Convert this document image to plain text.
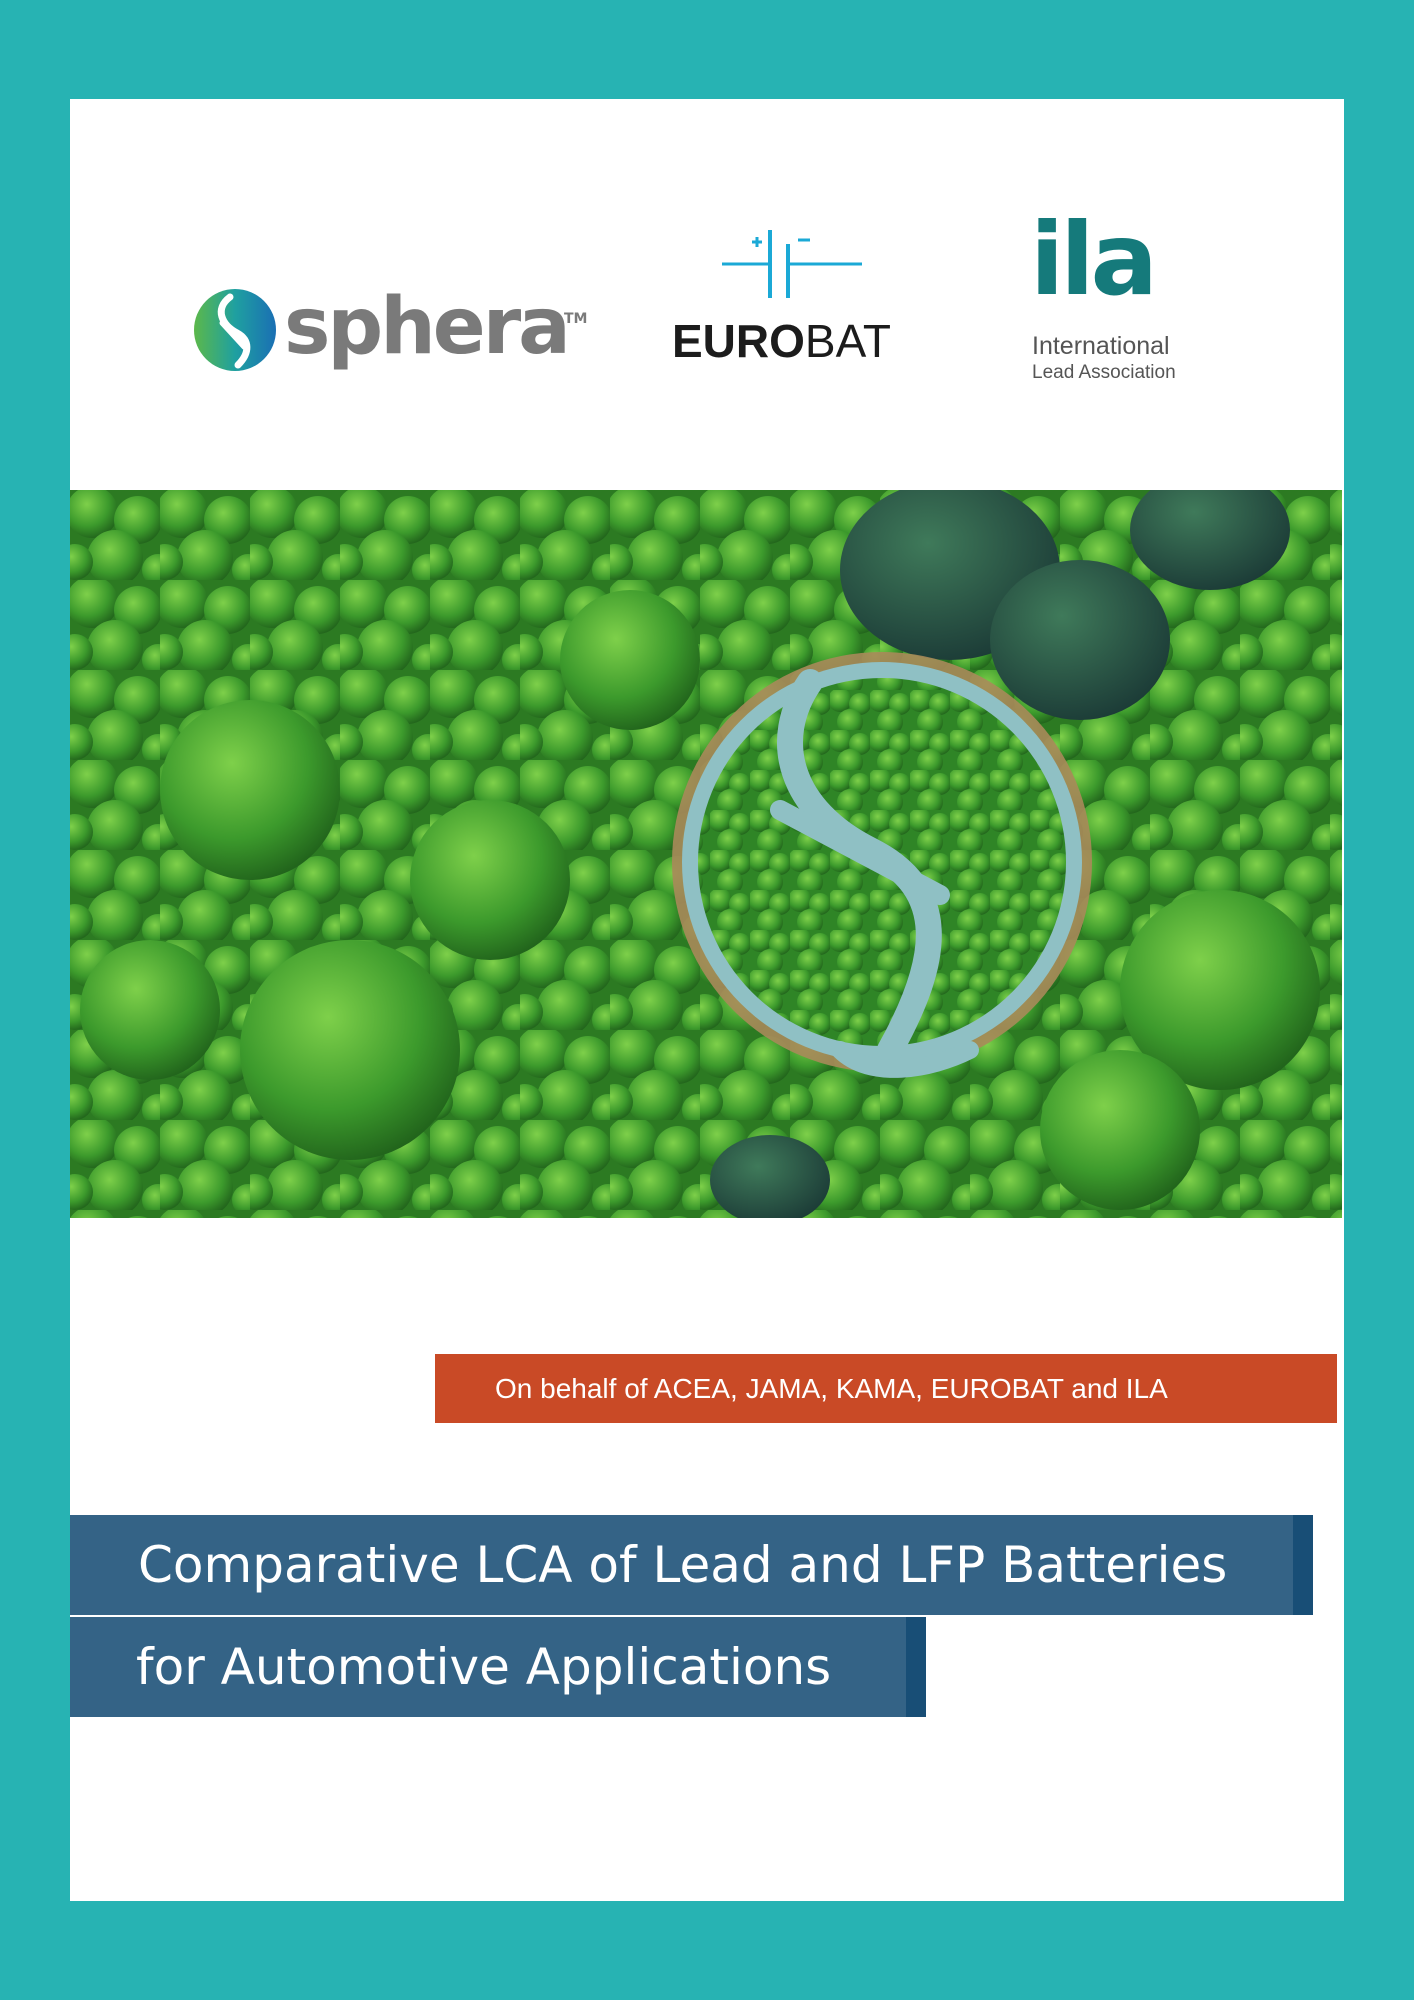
sphera
TM EUROBAT
ila
International
Lead Association
On behalf of ACEA, JAMA, KAMA, EUROBAT and ILA
Comparative LCA of Lead and LFP Batteries
for Automotive Applications
